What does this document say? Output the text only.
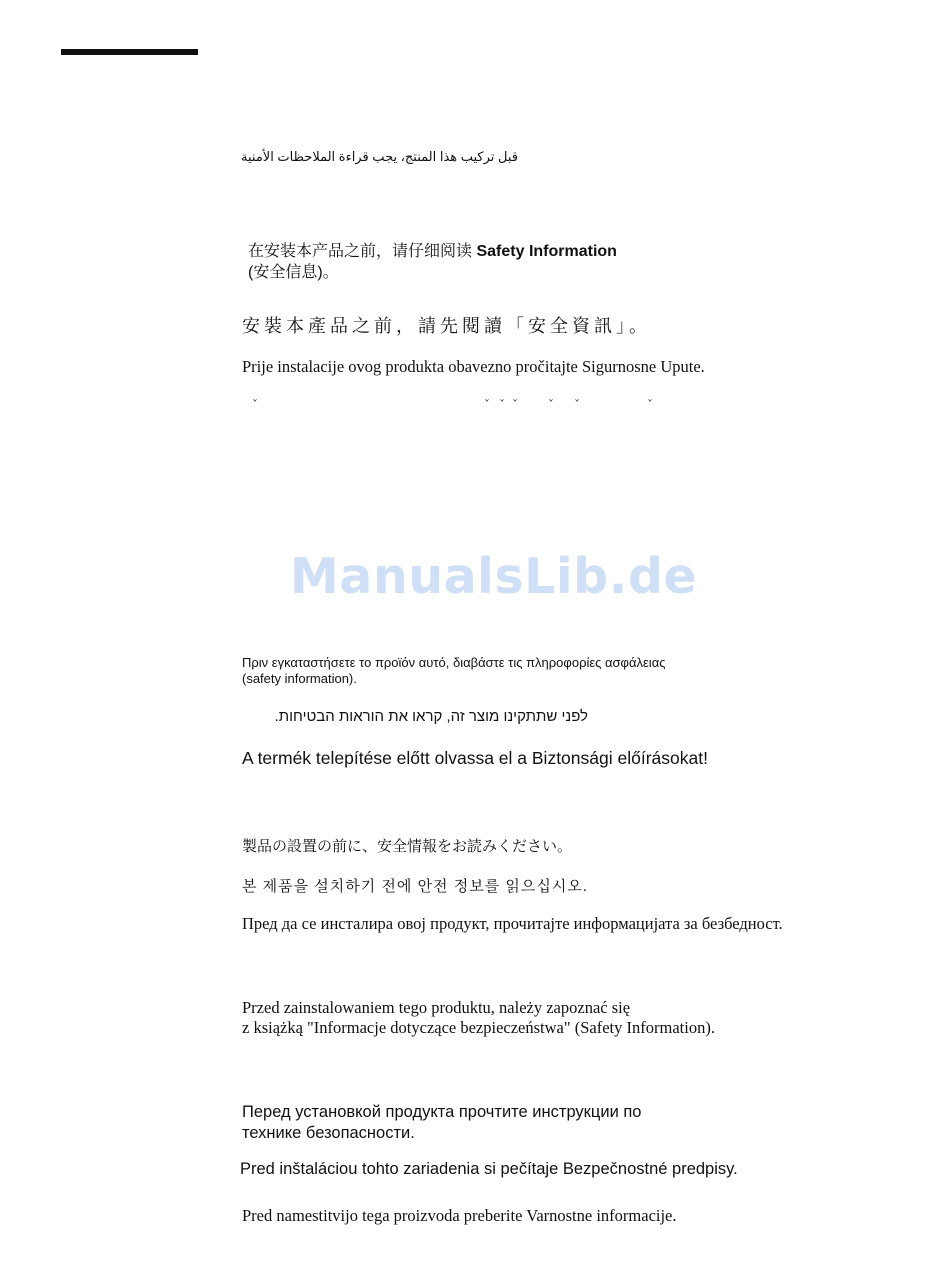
قبل تركيب هذا المنتج، يجب قراءة الملاحظات الأمنية
在安装本产品之前，请仔细阅读 Safety Information
(安全信息)。
安裝本產品之前，請先閱讀「安全資訊」。
Prije instalacije ovog produkta obavezno pročitajte Sigurnosne Upute.
ˇ	ˇ ˇ ˇ	ˇ ˇ	ˇ
ManualsLib.de
Πριν εγκαταστήσετε το προϊόν αυτό, διαβάστε τις πληροφορίες ασφάλειας
(safety information).
לפני שתתקינו מוצר זה, קראו את הוראות הבטיחות.
A termék telepítése előtt olvassa el a Biztonsági előírásokat!
製品の設置の前に、安全情報をお読みください。
본 제품을 설치하기 전에 안전 정보를 읽으십시오.
Пред да се инсталира овој продукт, прочитајте информацијата за безбедност.
Przed zainstalowaniem tego produktu, należy zapoznać się
z książką "Informacje dotyczące bezpieczeństwa" (Safety Information).
Перед установкой продукта прочтите инструкции по
технике безопасности.
Pred inštaláciou tohto zariadenia si pečítaje Bezpečnostné predpisy.
Pred namestitvijo tega proizvoda preberite Varnostne informacije.
